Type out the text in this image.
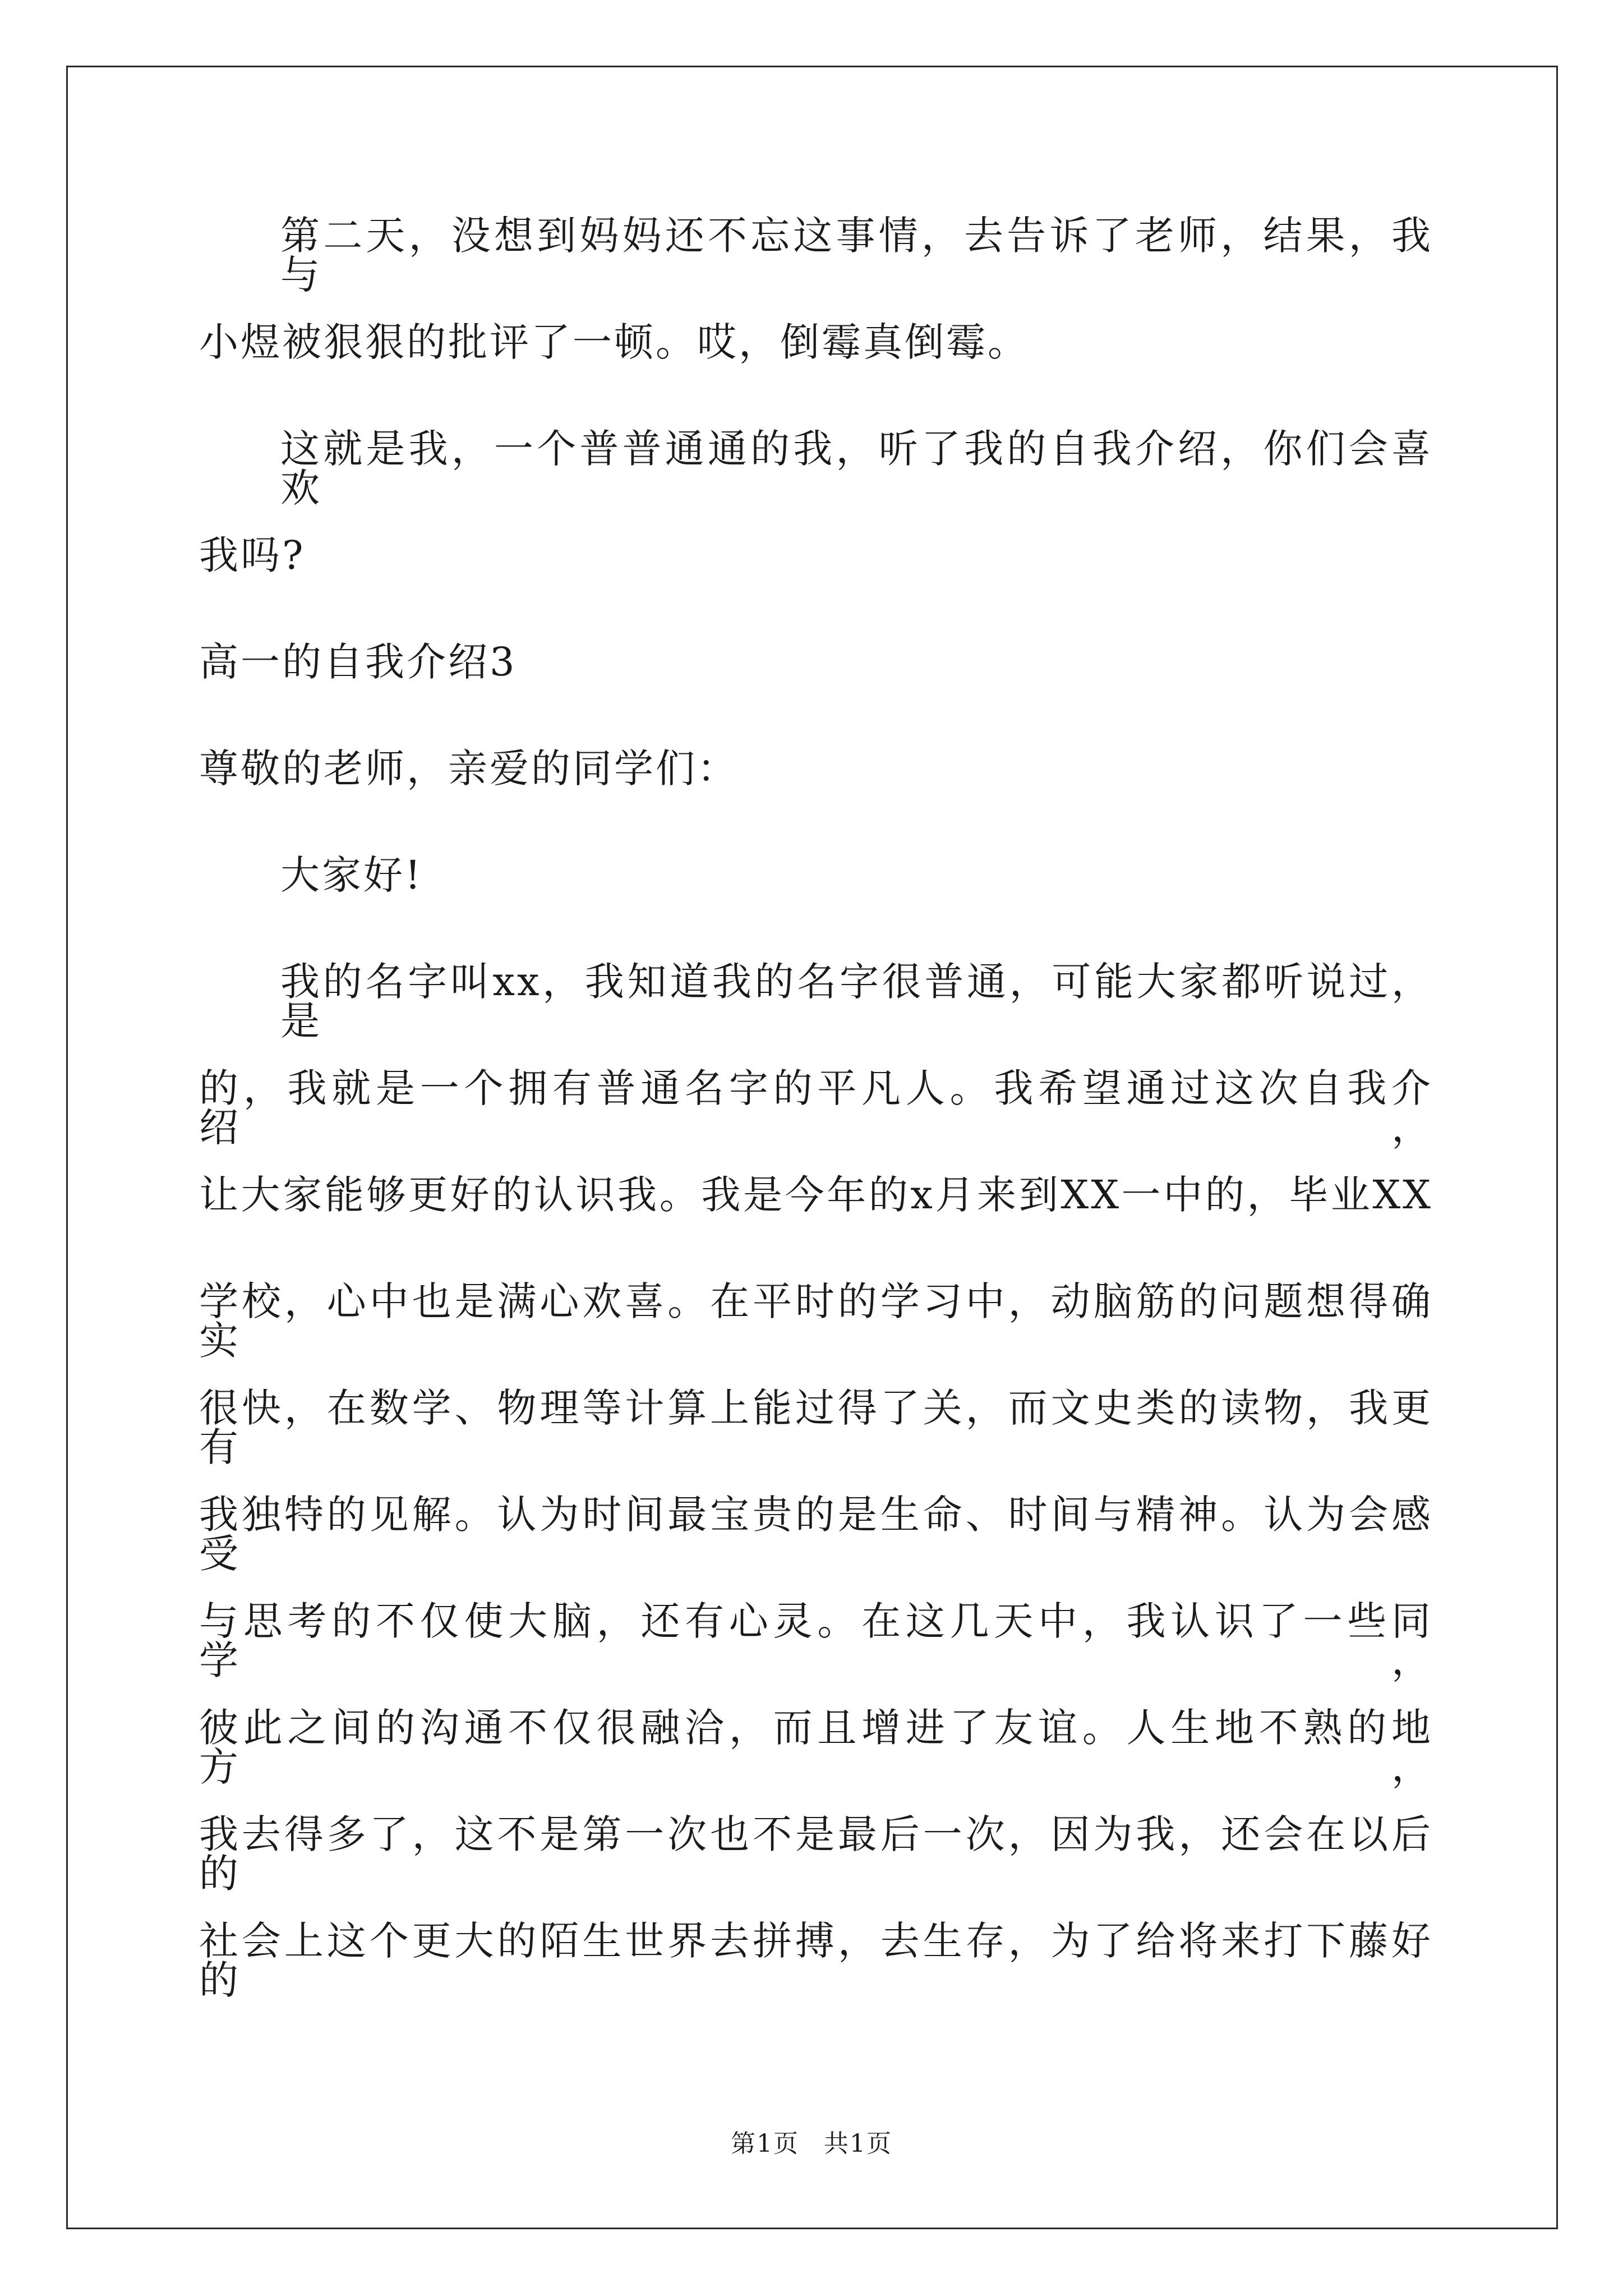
第二天，没想到妈妈还不忘这事情，去告诉了老师，结果，我与
小煜被狠狠的批评了一顿。哎，倒霉真倒霉。
这就是我，一个普普通通的我，听了我的自我介绍，你们会喜欢
我吗?
高一的自我介绍3
尊敬的老师，亲爱的同学们：
大家好!
我的名字叫xx，我知道我的名字很普通，可能大家都听说过，是
的，我就是一个拥有普通名字的平凡人。我希望通过这次自我介绍，
让大家能够更好的认识我。我是今年的x月来到XX一中的，毕业XX
学校，心中也是满心欢喜。在平时的学习中，动脑筋的问题想得确实
很快，在数学、物理等计算上能过得了关，而文史类的读物，我更有
我独特的见解。认为时间最宝贵的是生命、时间与精神。认为会感受
与思考的不仅使大脑，还有心灵。在这几天中，我认识了一些同学，
彼此之间的沟通不仅很融洽，而且增进了友谊。人生地不熟的地方，
我去得多了，这不是第一次也不是最后一次，因为我，还会在以后的
社会上这个更大的陌生世界去拼搏，去生存，为了给将来打下藤好的
第1页 共1页
